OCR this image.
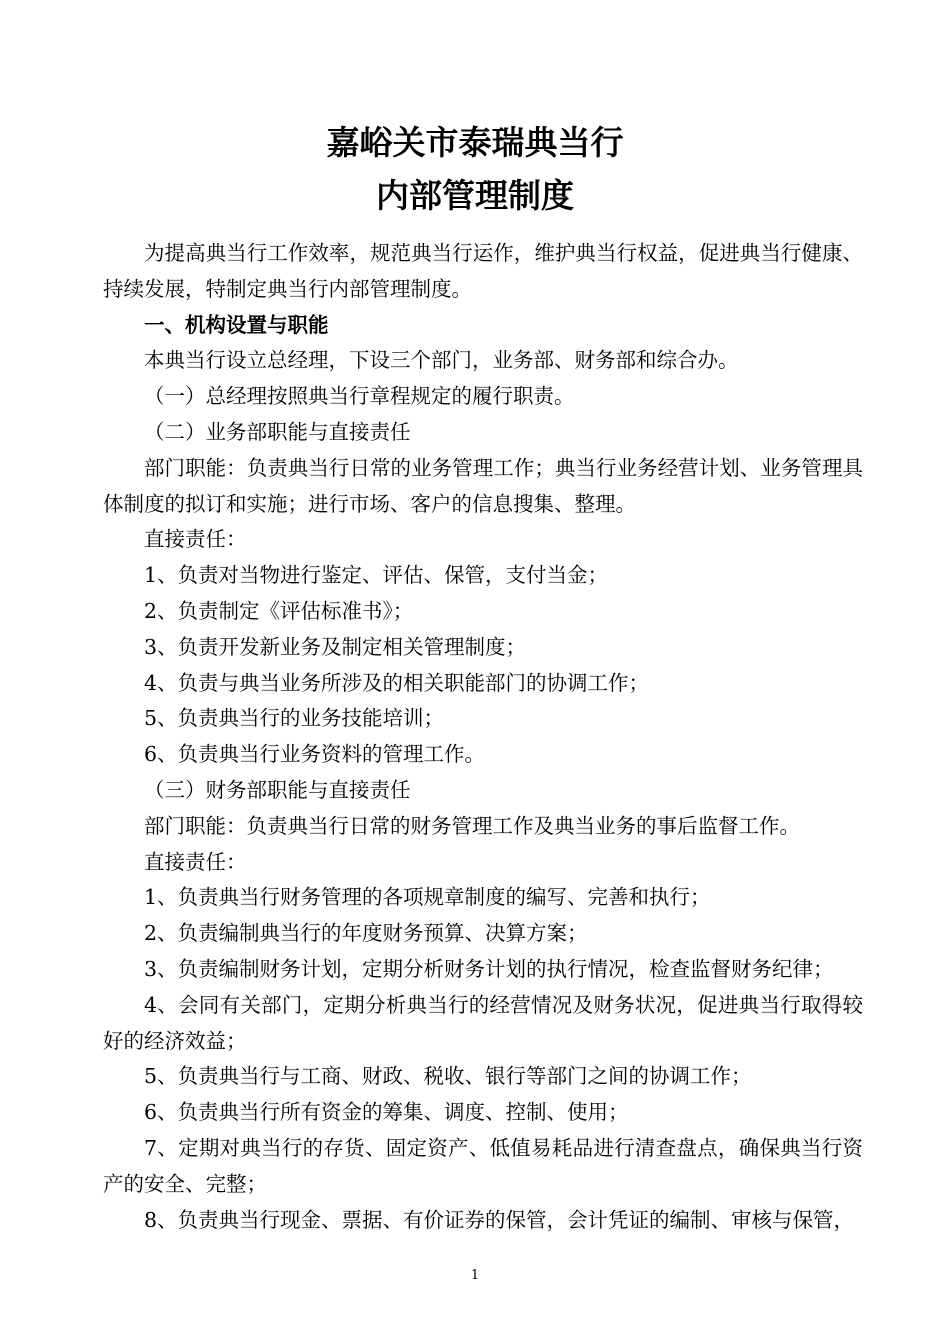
嘉峪关市泰瑞典当行
内部管理制度

为提高典当行工作效率，规范典当行运作，维护典当行权益，促进典当行健康、持续发展，特制定典当行内部管理制度。

一、机构设置与职能

本典当行设立总经理，下设三个部门，业务部、财务部和综合办。

（一）总经理按照典当行章程规定的履行职责。

（二）业务部职能与直接责任

部门职能：负责典当行日常的业务管理工作；典当行业务经营计划、业务管理具体制度的拟订和实施；进行市场、客户的信息搜集、整理。

直接责任：

1、负责对当物进行鉴定、评估、保管，支付当金；

2、负责制定《评估标准书》；

3、负责开发新业务及制定相关管理制度；

4、负责与典当业务所涉及的相关职能部门的协调工作；

5、负责典当行的业务技能培训；

6、负责典当行业务资料的管理工作。

（三）财务部职能与直接责任

部门职能：负责典当行日常的财务管理工作及典当业务的事后监督工作。

直接责任：

1、负责典当行财务管理的各项规章制度的编写、完善和执行；

2、负责编制典当行的年度财务预算、决算方案；

3、负责编制财务计划，定期分析财务计划的执行情况，检查监督财务纪律；

4、会同有关部门，定期分析典当行的经营情况及财务状况，促进典当行取得较好的经济效益；

5、负责典当行与工商、财政、税收、银行等部门之间的协调工作；

6、负责典当行所有资金的筹集、调度、控制、使用；

7、定期对典当行的存货、固定资产、低值易耗品进行清查盘点，确保典当行资产的安全、完整；

8、负责典当行现金、票据、有价证券的保管，会计凭证的编制、审核与保管，

1
